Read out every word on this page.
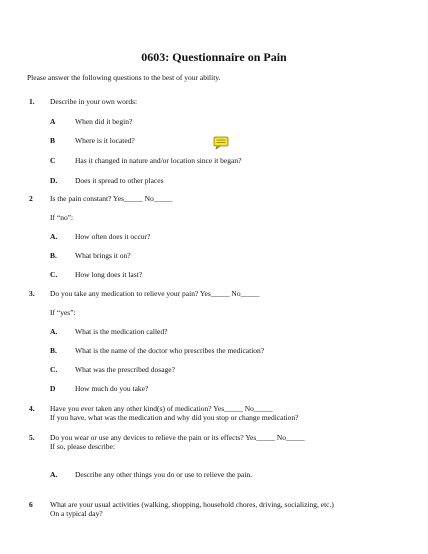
0603: Questionnaire on Pain
Please answer the following questions to the best of your ability.
1. Describe in your own words:
A	When did it begin?
B	Where is it located?
C	Has it changed in nature and/or location since it began?
D. Does it spread to other places
2 Is the pain constant? Yes_____ No_____
If “no”:
A. How often does it occur?
B. What brings it on?
C. How long does it last?
3. Do you take any medication to relieve your pain? Yes_____ No_____
If “yes”:
A. What is the medication called?
B. What is the name of the doctor who prescribes the medication?
C. What was the prescribed dosage?
D	How much do you take?
4. Have you ever taken any other kind(s) of medication? Yes_____ No_____
If you have, what was the medication and why did you stop or change medication?
5. Do you wear or use any devices to relieve the pain or its effects? Yes_____ No_____
If so, please describe:
A. Describe any other things you do or use to relieve the pain.
6 What are your usual activities (walking, shopping, household chores, driving, socializing, etc.)
On a typical day?
